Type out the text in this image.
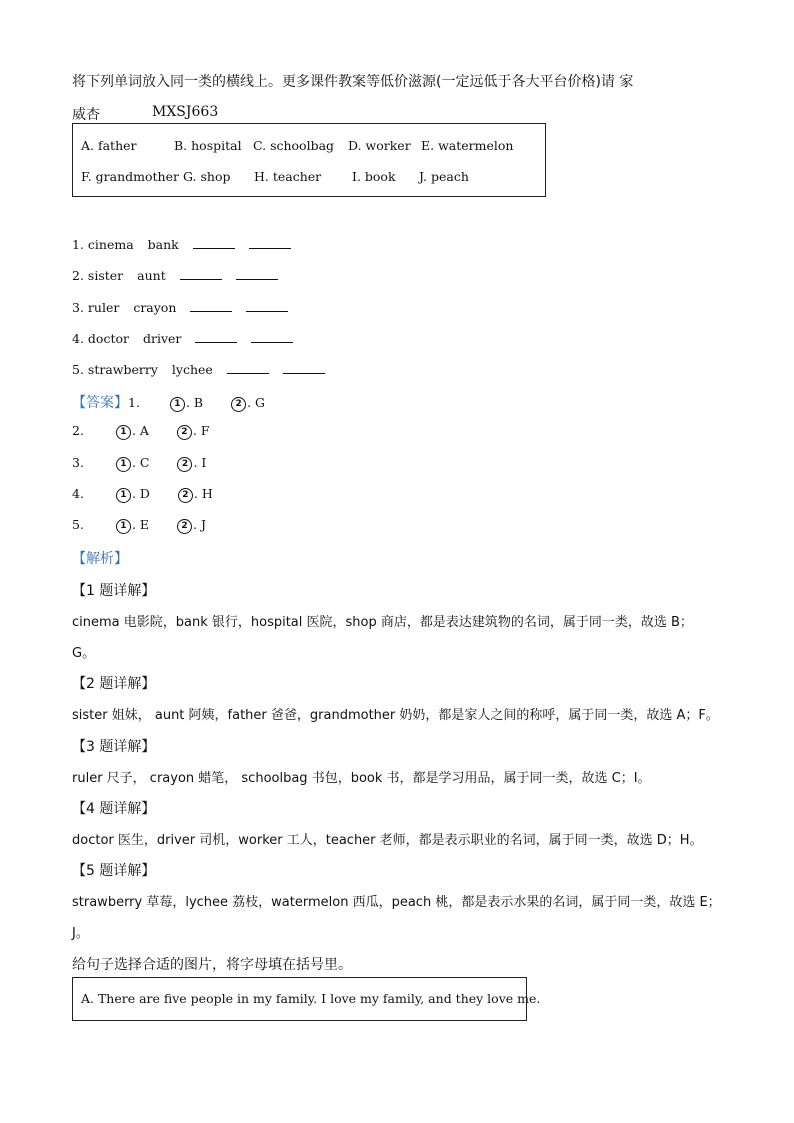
将下列单词放入同一类的横线上。更多课件教案等低价滋源(一定远低于各大平台价格)请 家
威杏	MXSJ663
A. father	B. hospital C. schoolbag D. worker E. watermelon
F. grandmother G. shop H. teacher I. book J. peach
1. cinema bank
2. sister aunt
3. ruler crayon
4. doctor driver
5. strawberry lychee
【答案】1.	1 . B	2 . G
2.	1 . A	2 . F
3.	1 . C	2 . I
4.	1 . D	2 . H
5.	1 . E	2 . J
【解析】
【1 题详解】
cinema 电影院，bank 银行，hospital 医院，shop 商店，都是表达建筑物的名词，属于同一类，故选 B；
G。
【2 题详解】
sister 姐妹， aunt 阿姨，father 爸爸，grandmother 奶奶，都是家人之间的称呼，属于同一类，故选 A；F。
【3 题详解】
ruler 尺子， crayon 蜡笔， schoolbag 书包，book 书，都是学习用品，属于同一类，故选 C；I。
【4 题详解】
doctor 医生，driver 司机，worker 工人，teacher 老师，都是表示职业的名词，属于同一类，故选 D；H。
【5 题详解】
strawberry 草莓，lychee 荔枝，watermelon 西瓜，peach 桃，都是表示水果的名词，属于同一类，故选 E；
J。
给句子选择合适的图片，将字母填在括号里。
A. There are five people in my family. I love my family, and they love me.
